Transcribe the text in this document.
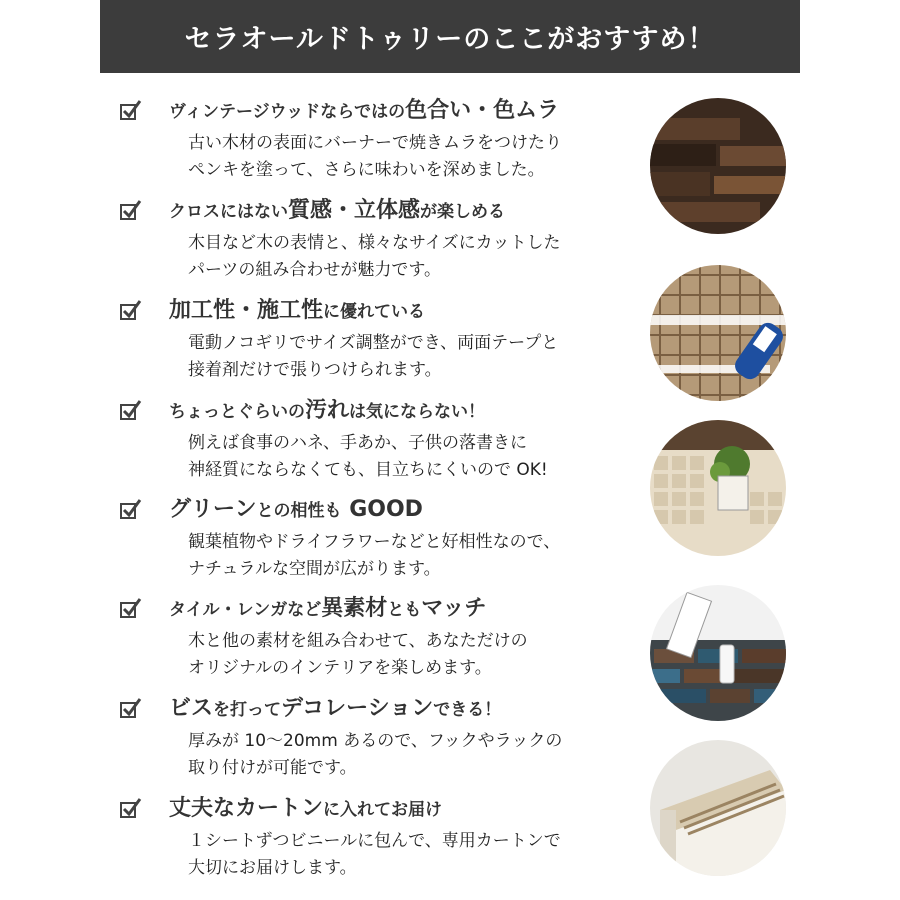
セラオールドトゥリーのここがおすすめ！
ヴィンテージウッドならではの色合い・色ムラ
古い木材の表面にバーナーで焼きムラをつけたり
ペンキを塗って、さらに味わいを深めました。
クロスにはない質感・立体感が楽しめる
木目など木の表情と、様々なサイズにカットした
パーツの組み合わせが魅力です。
加工性・施工性に優れている
電動ノコギリでサイズ調整ができ、両面テープと
接着剤だけで張りつけられます。
ちょっとぐらいの汚れは気にならない！
例えば食事のハネ、手あか、子供の落書きに
神経質にならなくても、目立ちにくいので OK!
グリーンとの相性も GOOD
観葉植物やドライフラワーなどと好相性なので、
ナチュラルな空間が広がります。
タイル・レンガなど異素材ともマッチ
木と他の素材を組み合わせて、あなただけの
オリジナルのインテリアを楽しめます。
ビスを打ってデコレーションできる！
厚みが 10〜20mm あるので、フックやラックの
取り付けが可能です。
丈夫なカートンに入れてお届け
１シートずつビニールに包んで、専用カートンで
大切にお届けします。
